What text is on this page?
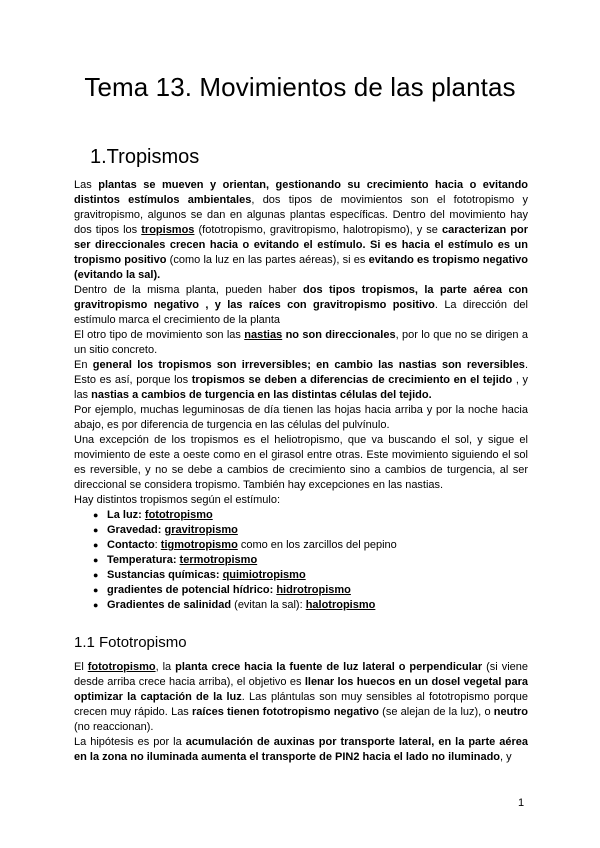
Tema 13. Movimientos de las plantas
1.Tropismos

Las plantas se mueven y orientan, gestionando su crecimiento hacia o evitando distintos estímulos ambientales, dos tipos de movimientos son el fototropismo y gravitropismo, algunos se dan en algunas plantas específicas. Dentro del movimiento hay dos tipos los tropismos (fototropismo, gravitropismo, halotropismo), y se caracterizan por ser direccionales crecen hacia o evitando el estímulo. Si es hacia el estímulo es un tropismo positivo (como la luz en las partes aéreas), si es evitando es tropismo negativo (evitando la sal).

Dentro de la misma planta, pueden haber dos tipos tropismos, la parte aérea con gravitropismo negativo , y las raíces con gravitropismo positivo. La dirección del estímulo marca el crecimiento de la planta

El otro tipo de movimiento son las nastias no son direccionales, por lo que no se dirigen a un sitio concreto.

En general los tropismos son irreversibles; en cambio las nastias son reversibles. Esto es así, porque los tropismos se deben a diferencias de crecimiento en el tejido , y las nastias a cambios de turgencia en las distintas células del tejido.

Por ejemplo, muchas leguminosas de día tienen las hojas hacia arriba y por la noche hacia abajo, es por diferencia de turgencia en las células del pulvínulo.

Una excepción de los tropismos es el heliotropismo, que va buscando el sol, y sigue el movimiento de este a oeste como en el girasol entre otras. Este movimiento siguiendo el sol es reversible, y no se debe a cambios de crecimiento sino a cambios de turgencia, al ser direccional se considera tropismo. También hay excepciones en las nastias.

Hay distintos tropismos según el estímulo:

● La luz: fototropismo
● Gravedad: gravitropismo
● Contacto: tigmotropismo como en los zarcillos del pepino
● Temperatura: termotropismo
● Sustancias químicas: quimiotropismo
● gradientes de potencial hídrico: hidrotropismo
● Gradientes de salinidad (evitan la sal): halotropismo
1.1 Fototropismo

El fototropismo, la planta crece hacia la fuente de luz lateral o perpendicular (si viene desde arriba crece hacia arriba), el objetivo es llenar los huecos en un dosel vegetal para optimizar la captación de la luz. Las plántulas son muy sensibles al fototropismo porque crecen muy rápido. Las raíces tienen fototropismo negativo (se alejan de la luz), o neutro (no reaccionan).

La hipótesis es por la acumulación de auxinas por transporte lateral, en la parte aérea en la zona no iluminada aumenta el transporte de PIN2 hacia el lado no iluminado, y

1
